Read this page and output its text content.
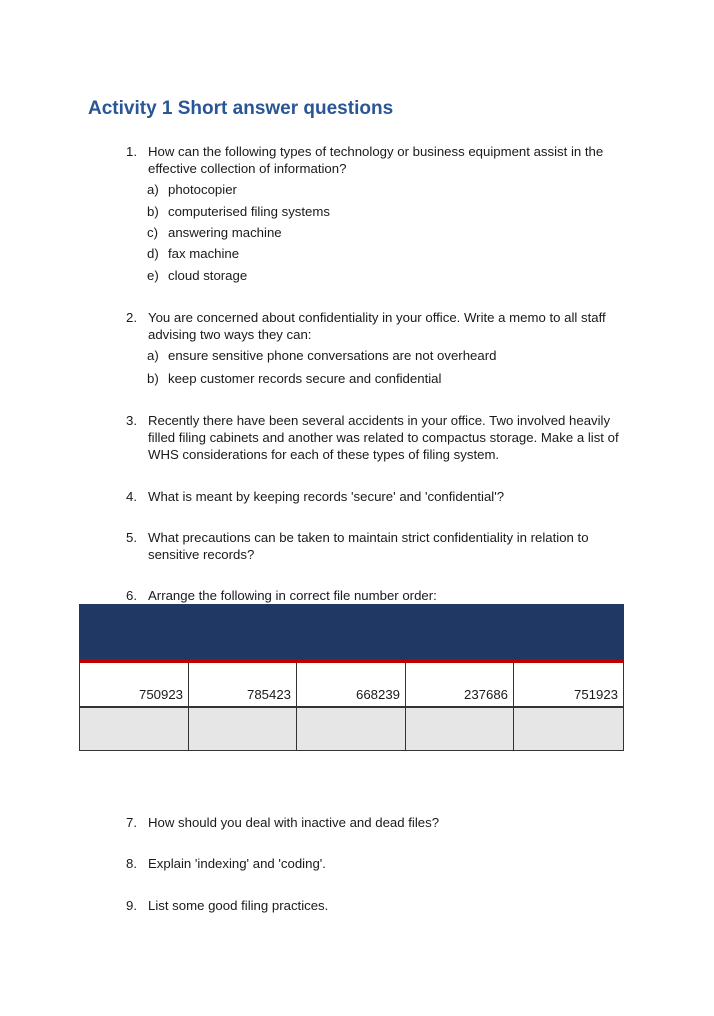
Activity 1 Short answer questions
1. How can the following types of technology or business equipment assist in the effective collection of information?
a) photocopier
b) computerised filing systems
c) answering machine
d) fax machine
e) cloud storage
2. You are concerned about confidentiality in your office. Write a memo to all staff advising two ways they can:
a) ensure sensitive phone conversations are not overheard
b) keep customer records secure and confidential
3. Recently there have been several accidents in your office. Two involved heavily filled filing cabinets and another was related to compactus storage. Make a list of WHS considerations for each of these types of filing system.
4. What is meant by keeping records 'secure' and 'confidential'?
5. What precautions can be taken to maintain strict confidentiality in relation to sensitive records?
6. Arrange the following in correct file number order:
750923	785423	668239	237686	751923
7. How should you deal with inactive and dead files?
8. Explain 'indexing' and 'coding'.
9. List some good filing practices.
